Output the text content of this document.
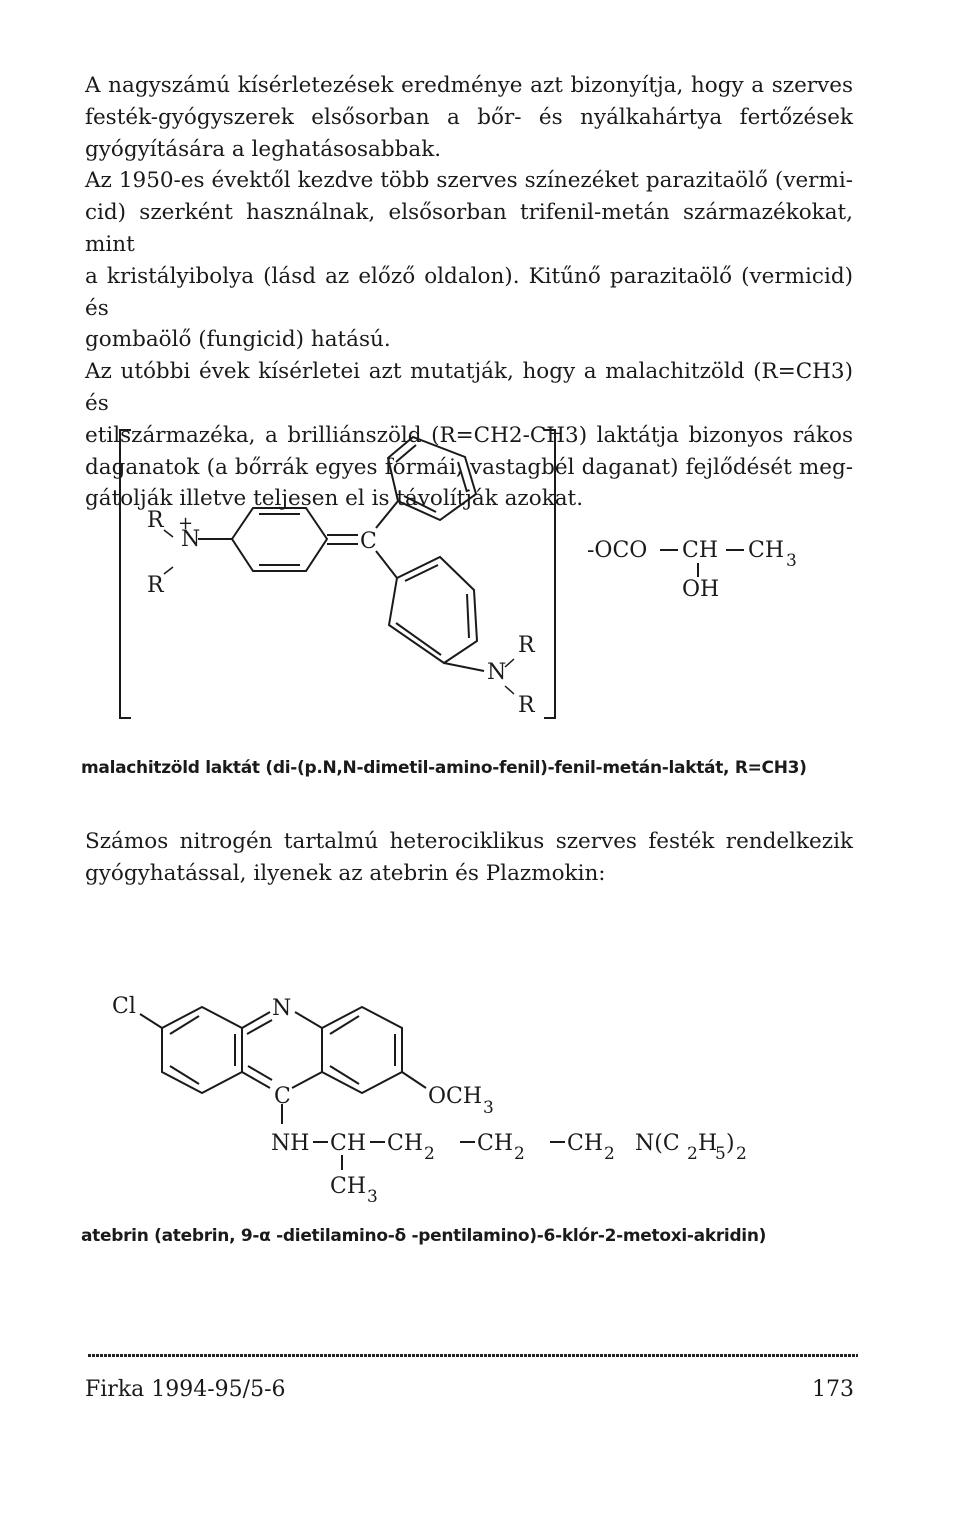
A nagyszámú kísérletezések eredménye azt bizonyítja, hogy a szerves
festék-gyógyszerek elsősorban a bőr- és nyálkahártya fertőzések
gyógyítására a leghatásosabbak.
Az 1950-es évektől kezdve több szerves színezéket parazitaölő (vermi-
cid) szerként használnak, elsősorban trifenil-metán származékokat, mint
a kristályibolya (lásd az előző oldalon). Kitűnő parazitaölő (vermicid) és
gombaölő (fungicid) hatású.
Az utóbbi évek kísérletei azt mutatják, hogy a malachitzöld (R=CH3) és
etilszármazéka, a brilliánszöld (R=CH2-CH3) laktátja bizonyos rákos
daganatok (a bőrrák egyes formái, vastagbél daganat) fejlődését meg-
gátolják illetve teljesen el is távolítják azokat.
R
R
N
+
C
N
R
R
-OCO CH CH 3
OH
malachitzöld laktát (di-(p.N,N-dimetil-amino-fenil)-fenil-metán-laktát, R=CH3)
Számos nitrogén tartalmú heterociklikus szerves festék rendelkezik
gyógyhatással, ilyenek az atebrin és Plazmokin:
Cl	N
C	OCH 3
NH CH CH 2 CH 2 CH 2 N(C 2 H
5 ) 2
CH 3
atebrin (atebrin, 9-α -dietilamino-δ -pentilamino)-6-klór-2-metoxi-akridin)
Firka 1994-95/5-6	173
